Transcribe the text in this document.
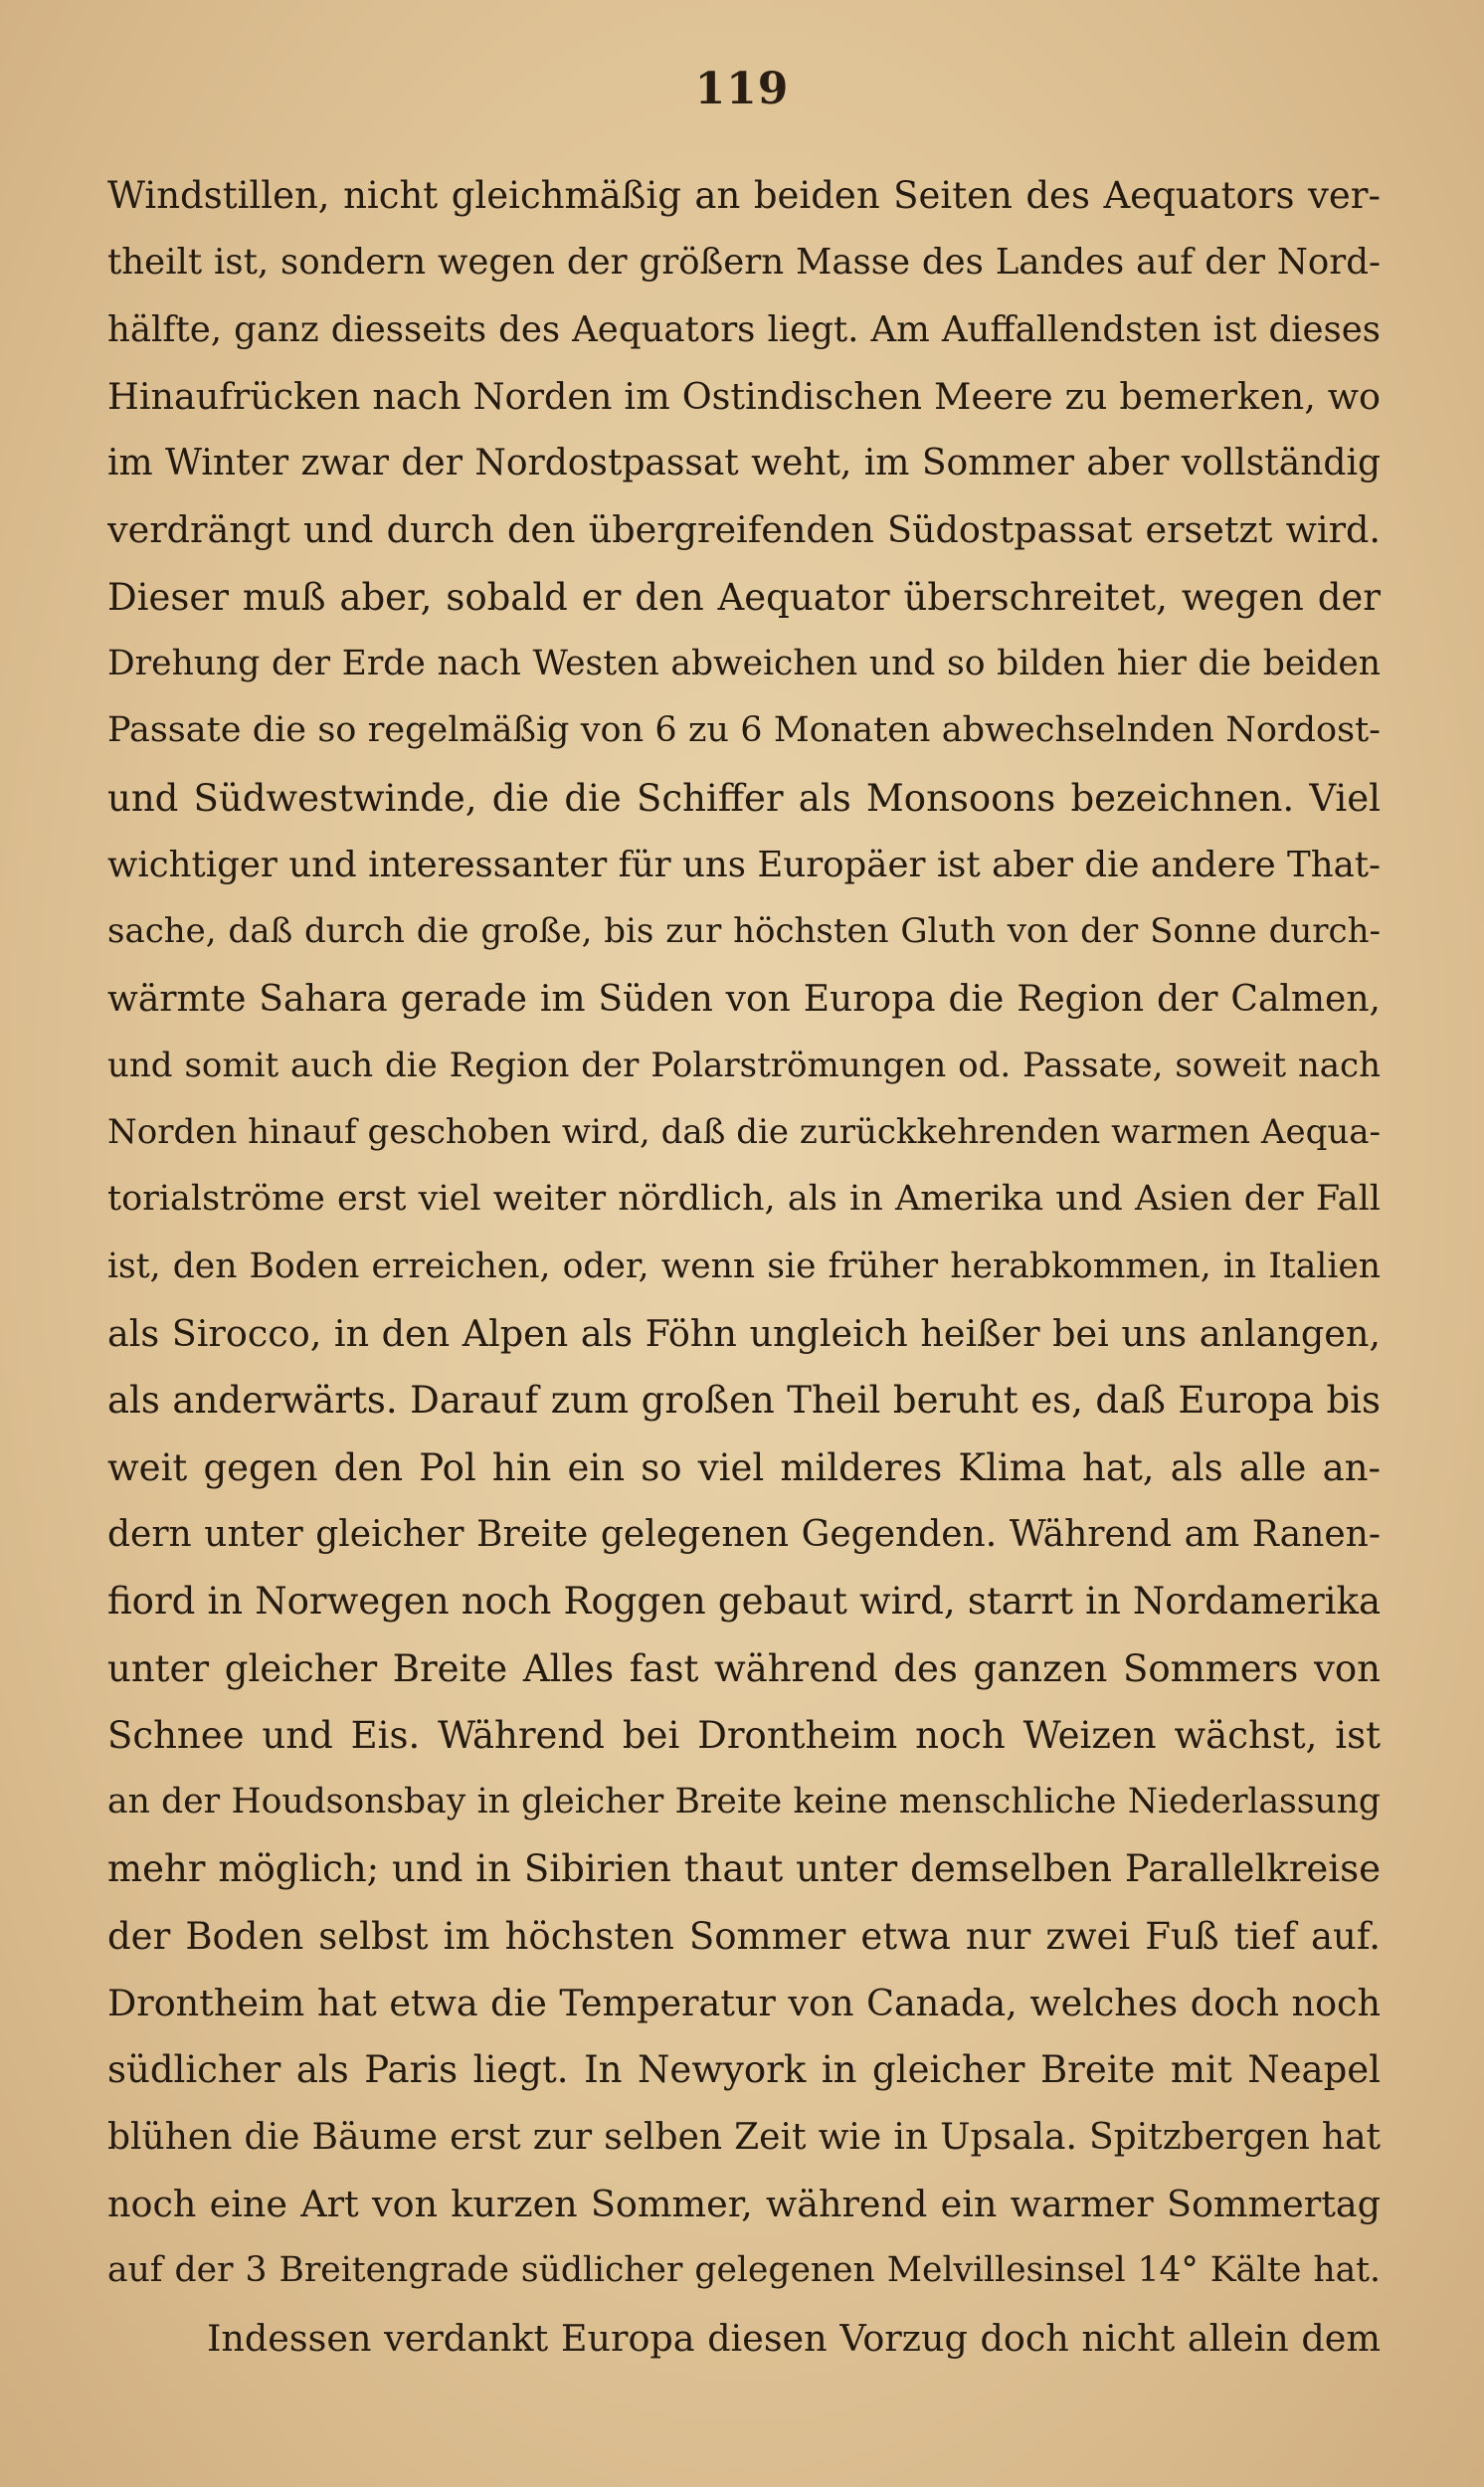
119
Windstillen, nicht gleichmäßig an beiden Seiten des Aequators ver-
theilt ist, sondern wegen der größern Masse des Landes auf der Nord-
hälfte, ganz diesseits des Aequators liegt. Am Auffallendsten ist dieses
Hinaufrücken nach Norden im Ostindischen Meere zu bemerken, wo
im Winter zwar der Nordostpassat weht, im Sommer aber vollständig
verdrängt und durch den übergreifenden Südostpassat ersetzt wird.
Dieser muß aber, sobald er den Aequator überschreitet, wegen der
Drehung der Erde nach Westen abweichen und so bilden hier die beiden
Passate die so regelmäßig von 6 zu 6 Monaten abwechselnden Nordost-
und Südwestwinde, die die Schiffer als Monsoons bezeichnen. Viel
wichtiger und interessanter für uns Europäer ist aber die andere That-
sache, daß durch die große, bis zur höchsten Gluth von der Sonne durch-
wärmte Sahara gerade im Süden von Europa die Region der Calmen,
und somit auch die Region der Polarströmungen od. Passate, soweit nach
Norden hinauf geschoben wird, daß die zurückkehrenden warmen Aequa-
torialströme erst viel weiter nördlich, als in Amerika und Asien der Fall
ist, den Boden erreichen, oder, wenn sie früher herabkommen, in Italien
als Sirocco, in den Alpen als Föhn ungleich heißer bei uns anlangen,
als anderwärts. Darauf zum großen Theil beruht es, daß Europa bis
weit gegen den Pol hin ein so viel milderes Klima hat, als alle an-
dern unter gleicher Breite gelegenen Gegenden. Während am Ranen-
fiord in Norwegen noch Roggen gebaut wird, starrt in Nordamerika
unter gleicher Breite Alles fast während des ganzen Sommers von
Schnee und Eis. Während bei Drontheim noch Weizen wächst, ist
an der Houdsonsbay in gleicher Breite keine menschliche Niederlassung
mehr möglich; und in Sibirien thaut unter demselben Parallelkreise
der Boden selbst im höchsten Sommer etwa nur zwei Fuß tief auf.
Drontheim hat etwa die Temperatur von Canada, welches doch noch
südlicher als Paris liegt. In Newyork in gleicher Breite mit Neapel
blühen die Bäume erst zur selben Zeit wie in Upsala. Spitzbergen hat
noch eine Art von kurzen Sommer, während ein warmer Sommertag
auf der 3 Breitengrade südlicher gelegenen Melvillesinsel 14° Kälte hat.
Indessen verdankt Europa diesen Vorzug doch nicht allein dem
